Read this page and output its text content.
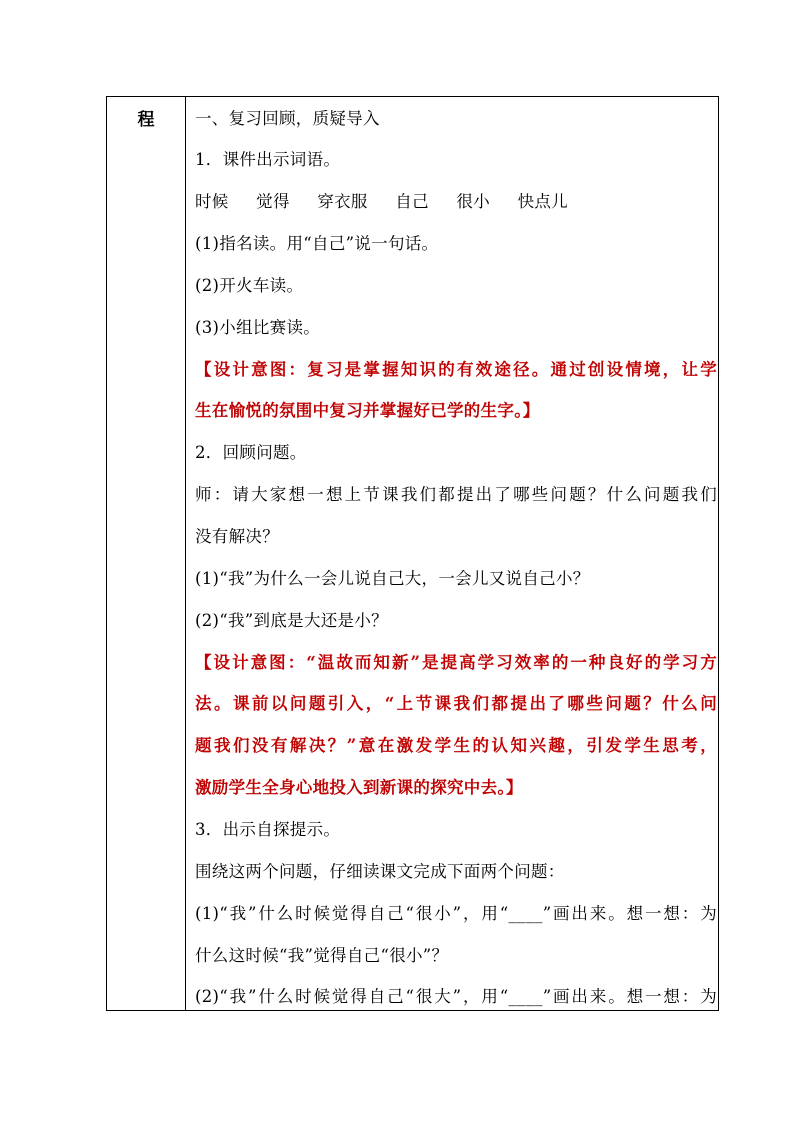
程	一、复习回顾，质疑导入
1．课件出示词语。
时候 觉得 穿衣服 自己 很小 快点儿
(1)指名读。用“自己”说一句话。
(2)开火车读。
(3)小组比赛读。
【设计意图：复习是掌握知识的有效途径。通过创设情境，让学
生在愉悦的氛围中复习并掌握好已学的生字。】
2．回顾问题。
师：请大家想一想上节课我们都提出了哪些问题？什么问题我们
没有解决？
(1)“我”为什么一会儿说自己大，一会儿又说自己小？
(2)“我”到底是大还是小？
【设计意图：“温故而知新”是提高学习效率的一种良好的学习方
法。课前以问题引入，“上节课我们都提出了哪些问题？什么问
题我们没有解决？”意在激发学生的认知兴趣，引发学生思考，
激励学生全身心地投入到新课的探究中去。】
3．出示自探提示。
围绕这两个问题，仔细读课文完成下面两个问题：
(1)“我”什么时候觉得自己“很小”，用“____”画出来。想一想：为
什么这时候“我”觉得自己“很小”？
(2)“我”什么时候觉得自己“很大”，用“____”画出来。想一想：为
